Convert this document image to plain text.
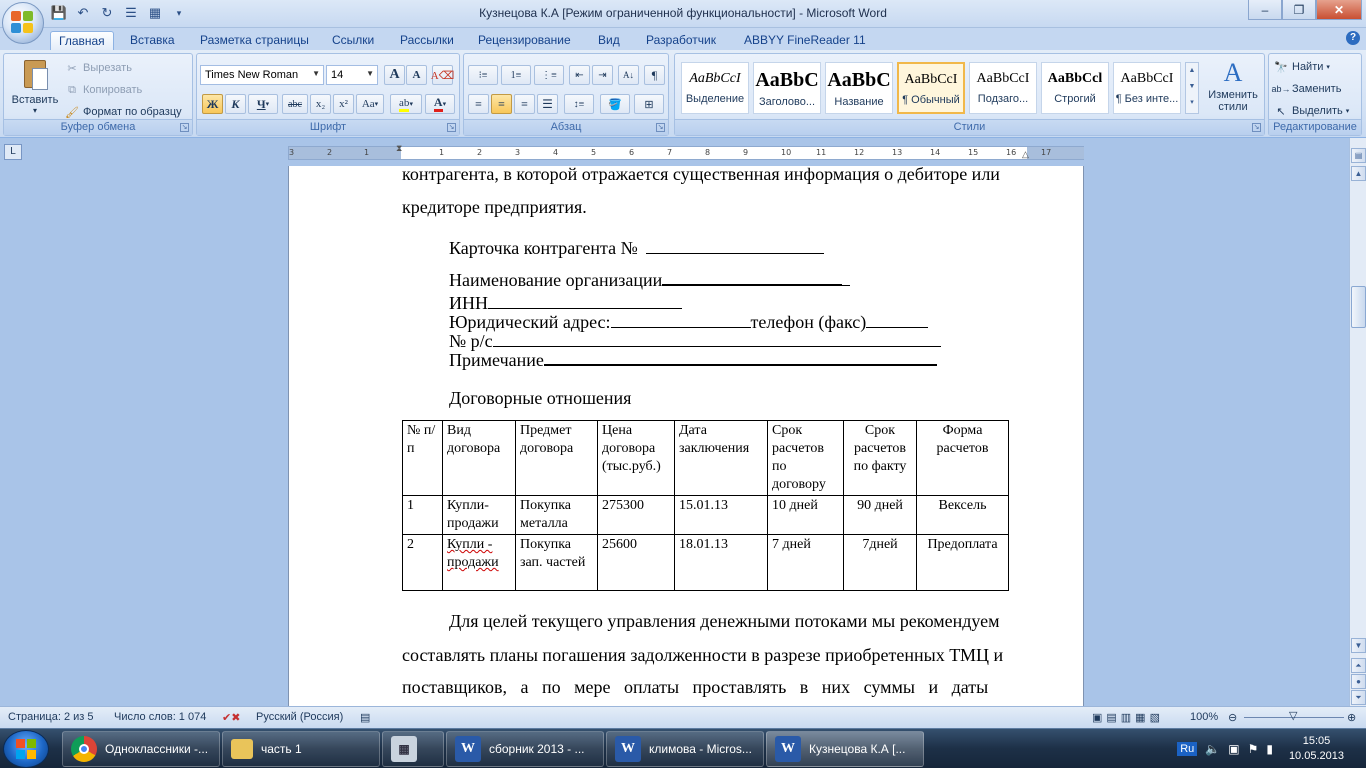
💾 ↶ ↻ ☰ ▦	▾	Кузнецова К.А [Режим ограниченной функциональности] - Microsoft Word	–	❐	✕
Главная	Вставка	Разметка страницы	Ссылки	Рассылки	Рецензирование	Вид	Разработчик	ABBYY FineReader 11	?
Вставить
▾
✂ Вырезать
⧉ Копировать
🖌 Формат по образцу
Буфер обмена	↘
Times New Roman ▼	14	▼ A A A⌫
Ж К Ч ▾ abc x₂ x² Aa ▾ ab ▾ A ▾
Шрифт	↘
⁝≡ 1≡ ⋮≡ ⇤ ⇥ A↓ ¶
≡ ≡ ≡ ☰ ↕≡ 🪣 ⊞
Абзац	↘
AaBbCcI
Выделение
AaBbC
Заголово...
AaBbC
Название
AaBbCcI
¶ Обычный
AaBbCcI
Подзаго...
AaBbCcl
Строгий
AaBbCcI
¶ Без инте...
▲
▼
▾
A
Изменить стили
Стили	↘
🔭 Найти ▾
ab→ Заменить
↖ Выделить ▾
Редактирование
L	3	2	1	1	2	3	4	5	6	7	8	9	10	11	12	13	14	15	16	17
⧗
△
контрагента, в которой отражается существенная информация о дебиторе или
кредиторе предприятия.
Карточка контрагента №
Наименование организации
ИНН
Юридический адрес:	телефон (факс)
№ р/с
Примечание
Договорные отношения
№ п/п	Вид договора	Предмет договора	Цена договора (тыс.руб.)	Дата заключения	Срок расчетов по договору	Срок расчетов по факту	Форма расчетов
1	Купли-продажи	Покупка металла	275300	15.01.13	10 дней	90 дней	Вексель
2	Купли - продажи	Покупка зап. частей	25600	18.01.13	7 дней	7дней	Предоплата
Для целей текущего управления денежными потоками мы рекомендуем
составлять планы погашения задолженности в разрезе приобретенных ТМЦ и
поставщиков,   а   по   мере   оплаты   проставлять   в   них   суммы   и   даты
▤
▲
▼
⏶
●
⏷
Страница: 2 из 5 Число слов: 1 074 ✔✖ Русский (Россия) ▤	▣▤▥▦▧ 100% ⊖	▽	⊕
Одноклассники -...	часть 1	▦	W	сборник 2013 - ...	W	климова - Micros...	W	Кузнецова К.А [...	Ru 🔈 ▣ ⚑ ▮
15:05
10.05.2013
